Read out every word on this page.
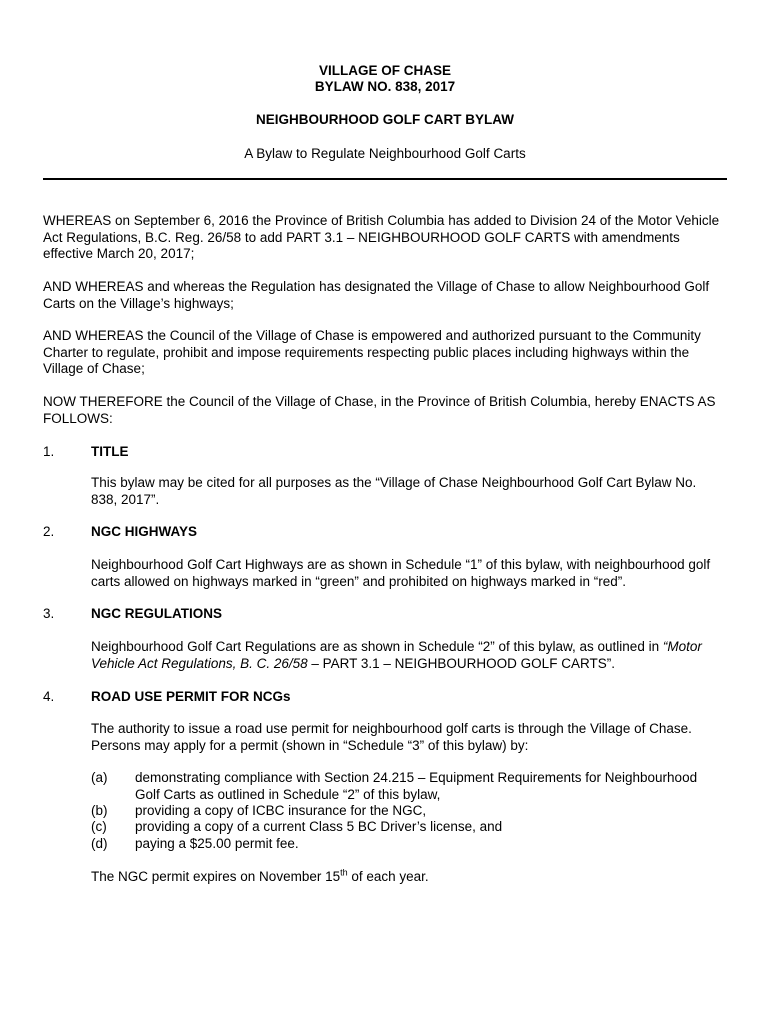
VILLAGE OF CHASE
BYLAW NO. 838, 2017
NEIGHBOURHOOD GOLF CART BYLAW
A Bylaw to Regulate Neighbourhood Golf Carts
WHEREAS on September 6, 2016 the Province of British Columbia has added to Division 24 of the Motor Vehicle Act Regulations, B.C. Reg. 26/58 to add PART 3.1 – NEIGHBOURHOOD GOLF CARTS with amendments effective March 20, 2017;
AND WHEREAS and whereas the Regulation has designated the Village of Chase to allow Neighbourhood Golf Carts on the Village’s highways;
AND WHEREAS the Council of the Village of Chase is empowered and authorized pursuant to the Community Charter to regulate, prohibit and impose requirements respecting public places including highways within the Village of Chase;
NOW THEREFORE the Council of the Village of Chase, in the Province of British Columbia, hereby ENACTS AS FOLLOWS:
1.	TITLE
This bylaw may be cited for all purposes as the “Village of Chase Neighbourhood Golf Cart Bylaw No. 838, 2017”.
2.	NGC HIGHWAYS
Neighbourhood Golf Cart Highways are as shown in Schedule “1” of this bylaw, with neighbourhood golf carts allowed on highways marked in “green” and prohibited on highways marked in “red”.
3.	NGC REGULATIONS
Neighbourhood Golf Cart Regulations are as shown in Schedule “2” of this bylaw, as outlined in “Motor Vehicle Act Regulations, B. C. 26/58 – PART 3.1 – NEIGHBOURHOOD GOLF CARTS”.
4.	ROAD USE PERMIT FOR NCGs
The authority to issue a road use permit for neighbourhood golf carts is through the Village of Chase. Persons may apply for a permit (shown in “Schedule “3” of this bylaw) by:
(a)	demonstrating compliance with Section 24.215 – Equipment Requirements for Neighbourhood Golf Carts as outlined in Schedule “2” of this bylaw,
(b)	providing a copy of ICBC insurance for the NGC,
(c)	providing a copy of a current Class 5 BC Driver’s license, and
(d)	paying a $25.00 permit fee.
The NGC permit expires on November 15th of each year.
